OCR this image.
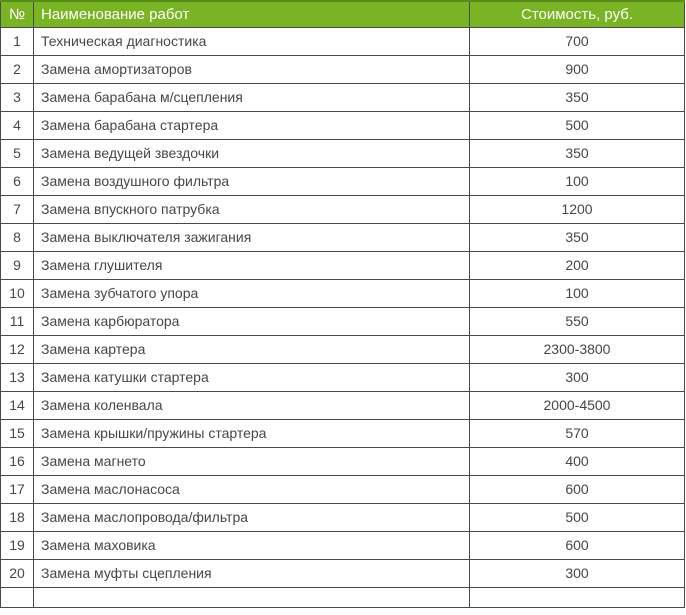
№	Наименование работ	Стоимость, руб.
1	Техническая диагностика	700
2	Замена амортизаторов	900
3	Замена барабана м/сцепления	350
4	Замена барабана стартера	500
5	Замена ведущей звездочки	350
6	Замена воздушного фильтра	100
7	Замена впускного патрубка	1200
8	Замена выключателя зажигания	350
9	Замена глушителя	200
10	Замена зубчатого упора	100
11	Замена карбюратора	550
12	Замена картера	2300-3800
13	Замена катушки стартера	300
14	Замена коленвала	2000-4500
15	Замена крышки/пружины стартера	570
16	Замена магнето	400
17	Замена маслонасоса	600
18	Замена маслопровода/фильтра	500
19	Замена маховика	600
20	Замена муфты сцепления	300
